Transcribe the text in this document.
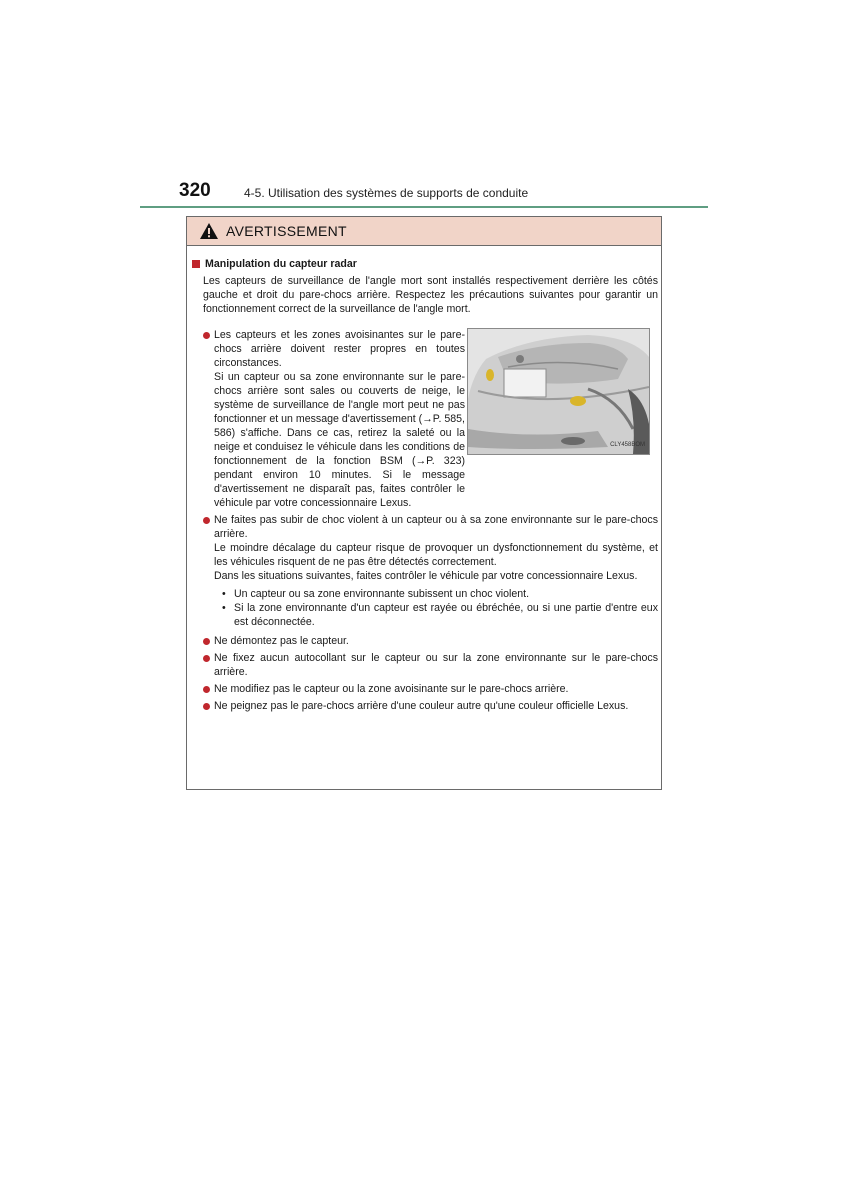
320	4-5. Utilisation des systèmes de supports de conduite
AVERTISSEMENT
Manipulation du capteur radar
Les capteurs de surveillance de l'angle mort sont installés respectivement derrière les côtés gauche et droit du pare-chocs arrière. Respectez les précautions suivantes pour garantir un fonctionnement correct de la surveillance de l'angle mort.
CLY458BOM

Les capteurs et les zones avoisinantes sur le pare-chocs arrière doivent rester propres en toutes circonstances.

Si un capteur ou sa zone environnante sur le pare-chocs arrière sont sales ou couverts de neige, le système de surveillance de l'angle mort peut ne pas fonctionner et un message d'avertissement (→P. 585, 586) s'affiche. Dans ce cas, retirez la saleté ou la neige et conduisez le véhicule dans les conditions de fonctionnement de la fonction BSM (→P. 323) pendant environ 10 minutes. Si le message d'avertissement ne disparaît pas, faites contrôler le véhicule par votre concessionnaire Lexus.

Ne faites pas subir de choc violent à un capteur ou à sa zone environnante sur le pare-chocs arrière.

Le moindre décalage du capteur risque de provoquer un dysfonctionnement du système, et les véhicules risquent de ne pas être détectés correctement.

Dans les situations suivantes, faites contrôler le véhicule par votre concessionnaire Lexus.

• Un capteur ou sa zone environnante subissent un choc violent.
• Si la zone environnante d'un capteur est rayée ou ébréchée, ou si une partie d'entre eux est déconnectée.
Ne démontez pas le capteur.
Ne fixez aucun autocollant sur le capteur ou sur la zone environnante sur le pare-chocs arrière.
Ne modifiez pas le capteur ou la zone avoisinante sur le pare-chocs arrière.
Ne peignez pas le pare-chocs arrière d'une couleur autre qu'une couleur officielle Lexus.
